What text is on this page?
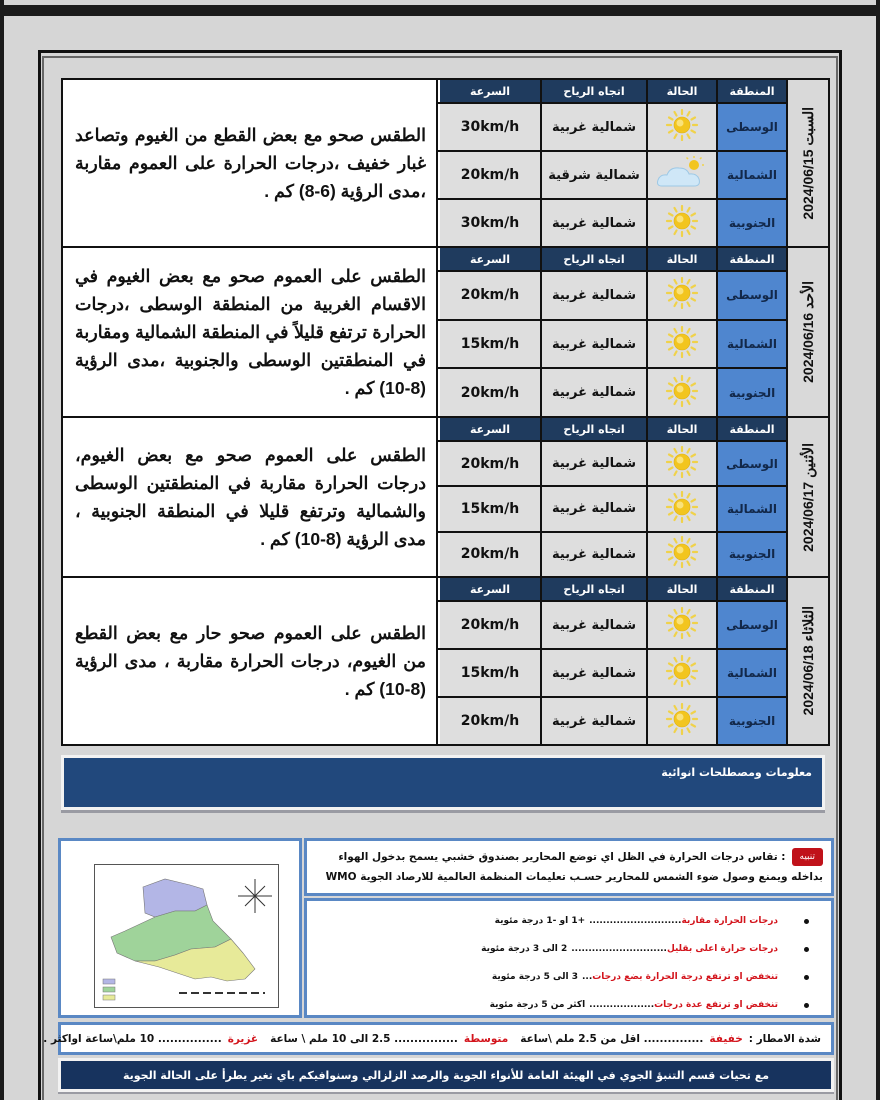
السبت 2024/06/15
المنطقة
الحالة
اتجاه الرياح
السرعة
الوسطى
شمالية غربية
30km/h
الشمالية
شمالية شرقية
20km/h
الجنوبية
شمالية غربية
30km/h
الطقس صحو مع بعض القطع من الغيوم وتصاعد غبار خفيف ،درجات الحرارة على العموم مقاربة ،مدى الرؤية (6-8) كم .
الأحد 2024/06/16
المنطقة
الحالة
اتجاه الرياح
السرعة
الوسطى
شمالية غربية
20km/h
الشمالية
شمالية غربية
15km/h
الجنوبية
شمالية غربية
20km/h
الطقس على العموم صحو مع بعض الغيوم في الاقسام الغربية من المنطقة الوسطى ،درجات الحرارة ترتفع قليلاً في المنطقة الشمالية ومقاربة في المنطقتين الوسطى والجنوبية ،مدى الرؤية (8-10) كم .
الأثنين 2024/06/17
المنطقة
الحالة
اتجاه الرياح
السرعة
الوسطى
شمالية غربية
20km/h
الشمالية
شمالية غربية
15km/h
الجنوبية
شمالية غربية
20km/h
الطقس على العموم صحو مع بعض الغيوم، درجات الحرارة مقاربة في المنطقتين الوسطى والشمالية وترتفع قليلا في المنطقة الجنوبية ، مدى الرؤية (8-10) كم .
الثلاثاء 2024/06/18
المنطقة
الحالة
اتجاه الرياح
السرعة
الوسطى
شمالية غربية
20km/h
الشمالية
شمالية غربية
15km/h
الجنوبية
شمالية غربية
20km/h
الطقس على العموم صحو حار مع بعض القطع من الغيوم، درجات الحرارة مقاربة ، مدى الرؤية (8-10) كم .
معلومات ومصطلحات انوائية
تنبيه: تقاس درجات الحرارة في الظل اي توضع المحارير بصندوق خشبي يسمح بدخول الهواء بداخله ويمنع وصول ضوء الشمس للمحارير حسـب تعليمات المنظمة العالمية للارصاد الجوية WMO
درجات الحرارة مقاربة
...........................
+1 او -1 درجة مئوية
درجات حرارة اعلى بقليل
............................
2 الى 3 درجة مئوية
تنخفض او ترتفع درجة الحرارة بضع درجات
...
3 الى 5 درجة مئوية
تنخفض او ترتفع عدة درجات
...................
اكثر من 5 درجة مئوية
شدة الامطار :
خفيفة
............... اقل من 2.5 ملم \ساعة
متوسطة
................ 2.5 الى 10 ملم \ ساعة
غزيرة
................ 10 ملم\ساعة اواكثر .
مع تحيات قسم التنبؤ الجوي في الهيئة العامة للأنواء الجوية والرصد الزلزالي وسنوافيكم باي تغير يطرأ على الحالة الجوية
